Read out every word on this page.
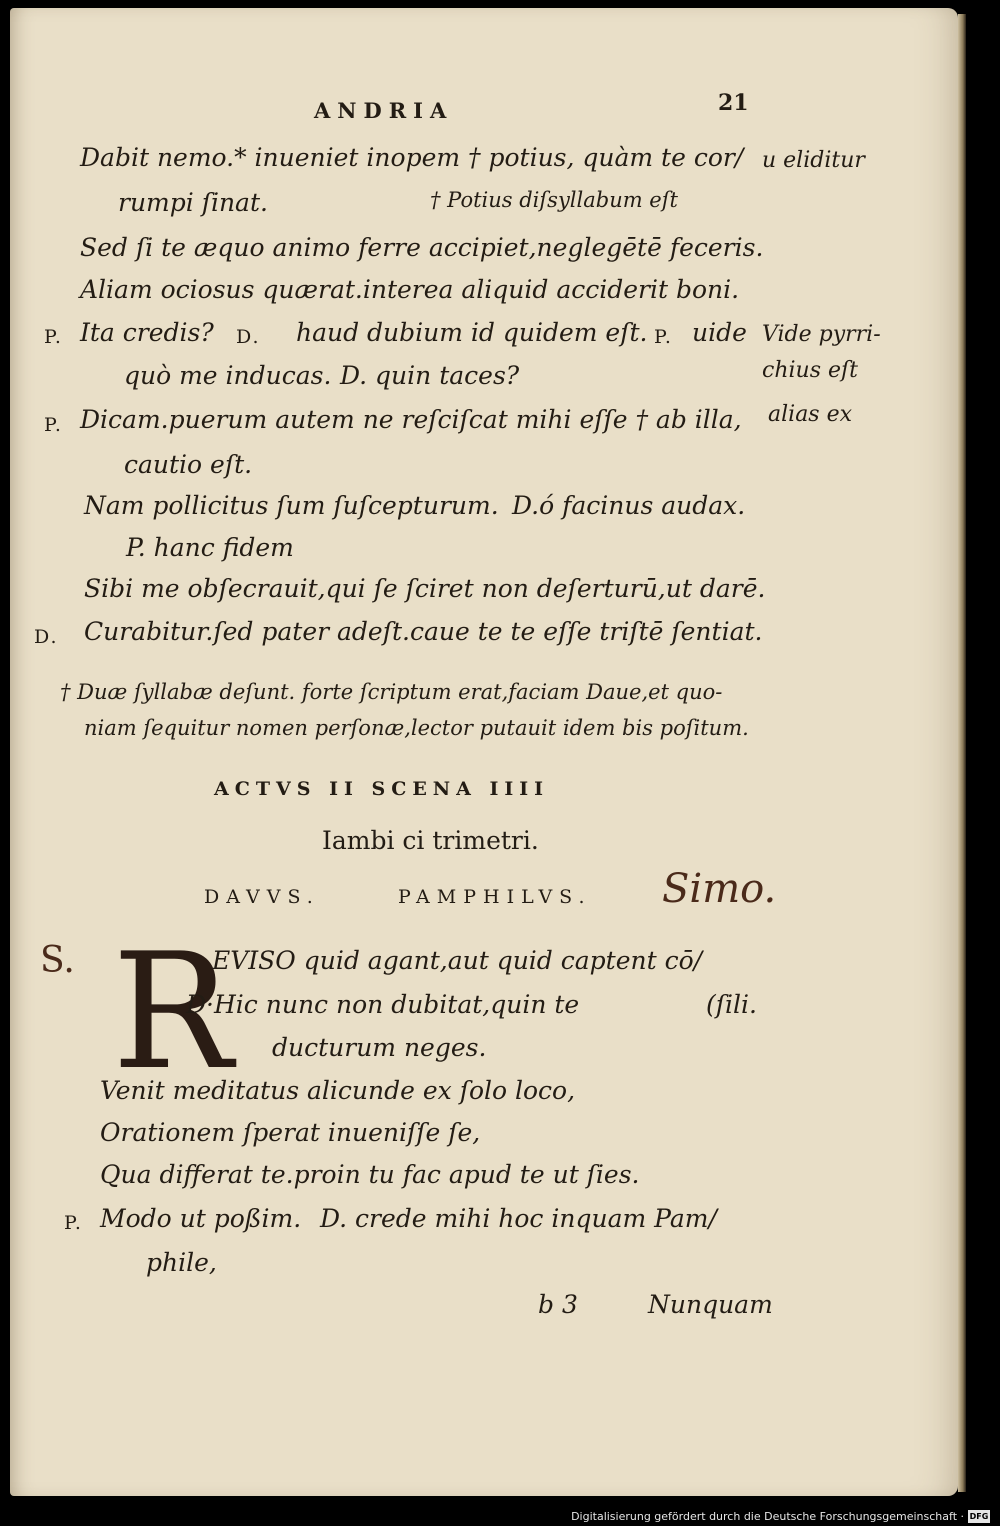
ANDRIA	21
Dabit nemo.* inueniet inopem † potius, quàm te cor/ u eliditur
rumpi ſinat.	† Potius diſsyllabum eſt
Sed ſi te æquo animo ferre accipiet,neglegētē feceris.
Aliam ociosus quærat.interea aliquid acciderit boni.
P. Ita credis? D. haud dubium id quidem eſt. P. uide Vide pyrri-
quò me inducas. D. quin taces?	chius eſt
P. Dicam.puerum autem ne reſciſcat mihi eſſe † ab illa, alias ex
cautio eſt.
Nam pollicitus ſum ſuſcepturum. D.ó facinus audax.
P. hanc fidem
Sibi me obſecrauit,qui ſe ſciret non deſerturū,ut darē.
D. Curabitur.ſed pater adeſt.caue te te eſſe triſtē ſentiat.
† Duæ ſyllabæ deſunt. forte ſcriptum erat,faciam Daue,et quo-
niam ſequitur nomen perſonæ,lector putauit idem bis poſitum.
ACTVS II SCENA IIII
Iambi ci trimetri.
DAVVS.	PAMPHILVS. Simo.
S. R
EVISO quid agant,aut quid captent cō/
D·Hic nunc non dubitat,quin te	(ſili.
ducturum neges.
Venit meditatus alicunde ex ſolo loco,
Orationem ſperat inueniſſe ſe,
Qua differat te.proin tu fac apud te ut ſies.
P. Modo ut poßim. D. crede mihi hoc inquam Pam/
phile,
b 3	Nunquam
Digitalisierung gefördert durch die Deutsche Forschungsgemeinschaft · DFG
